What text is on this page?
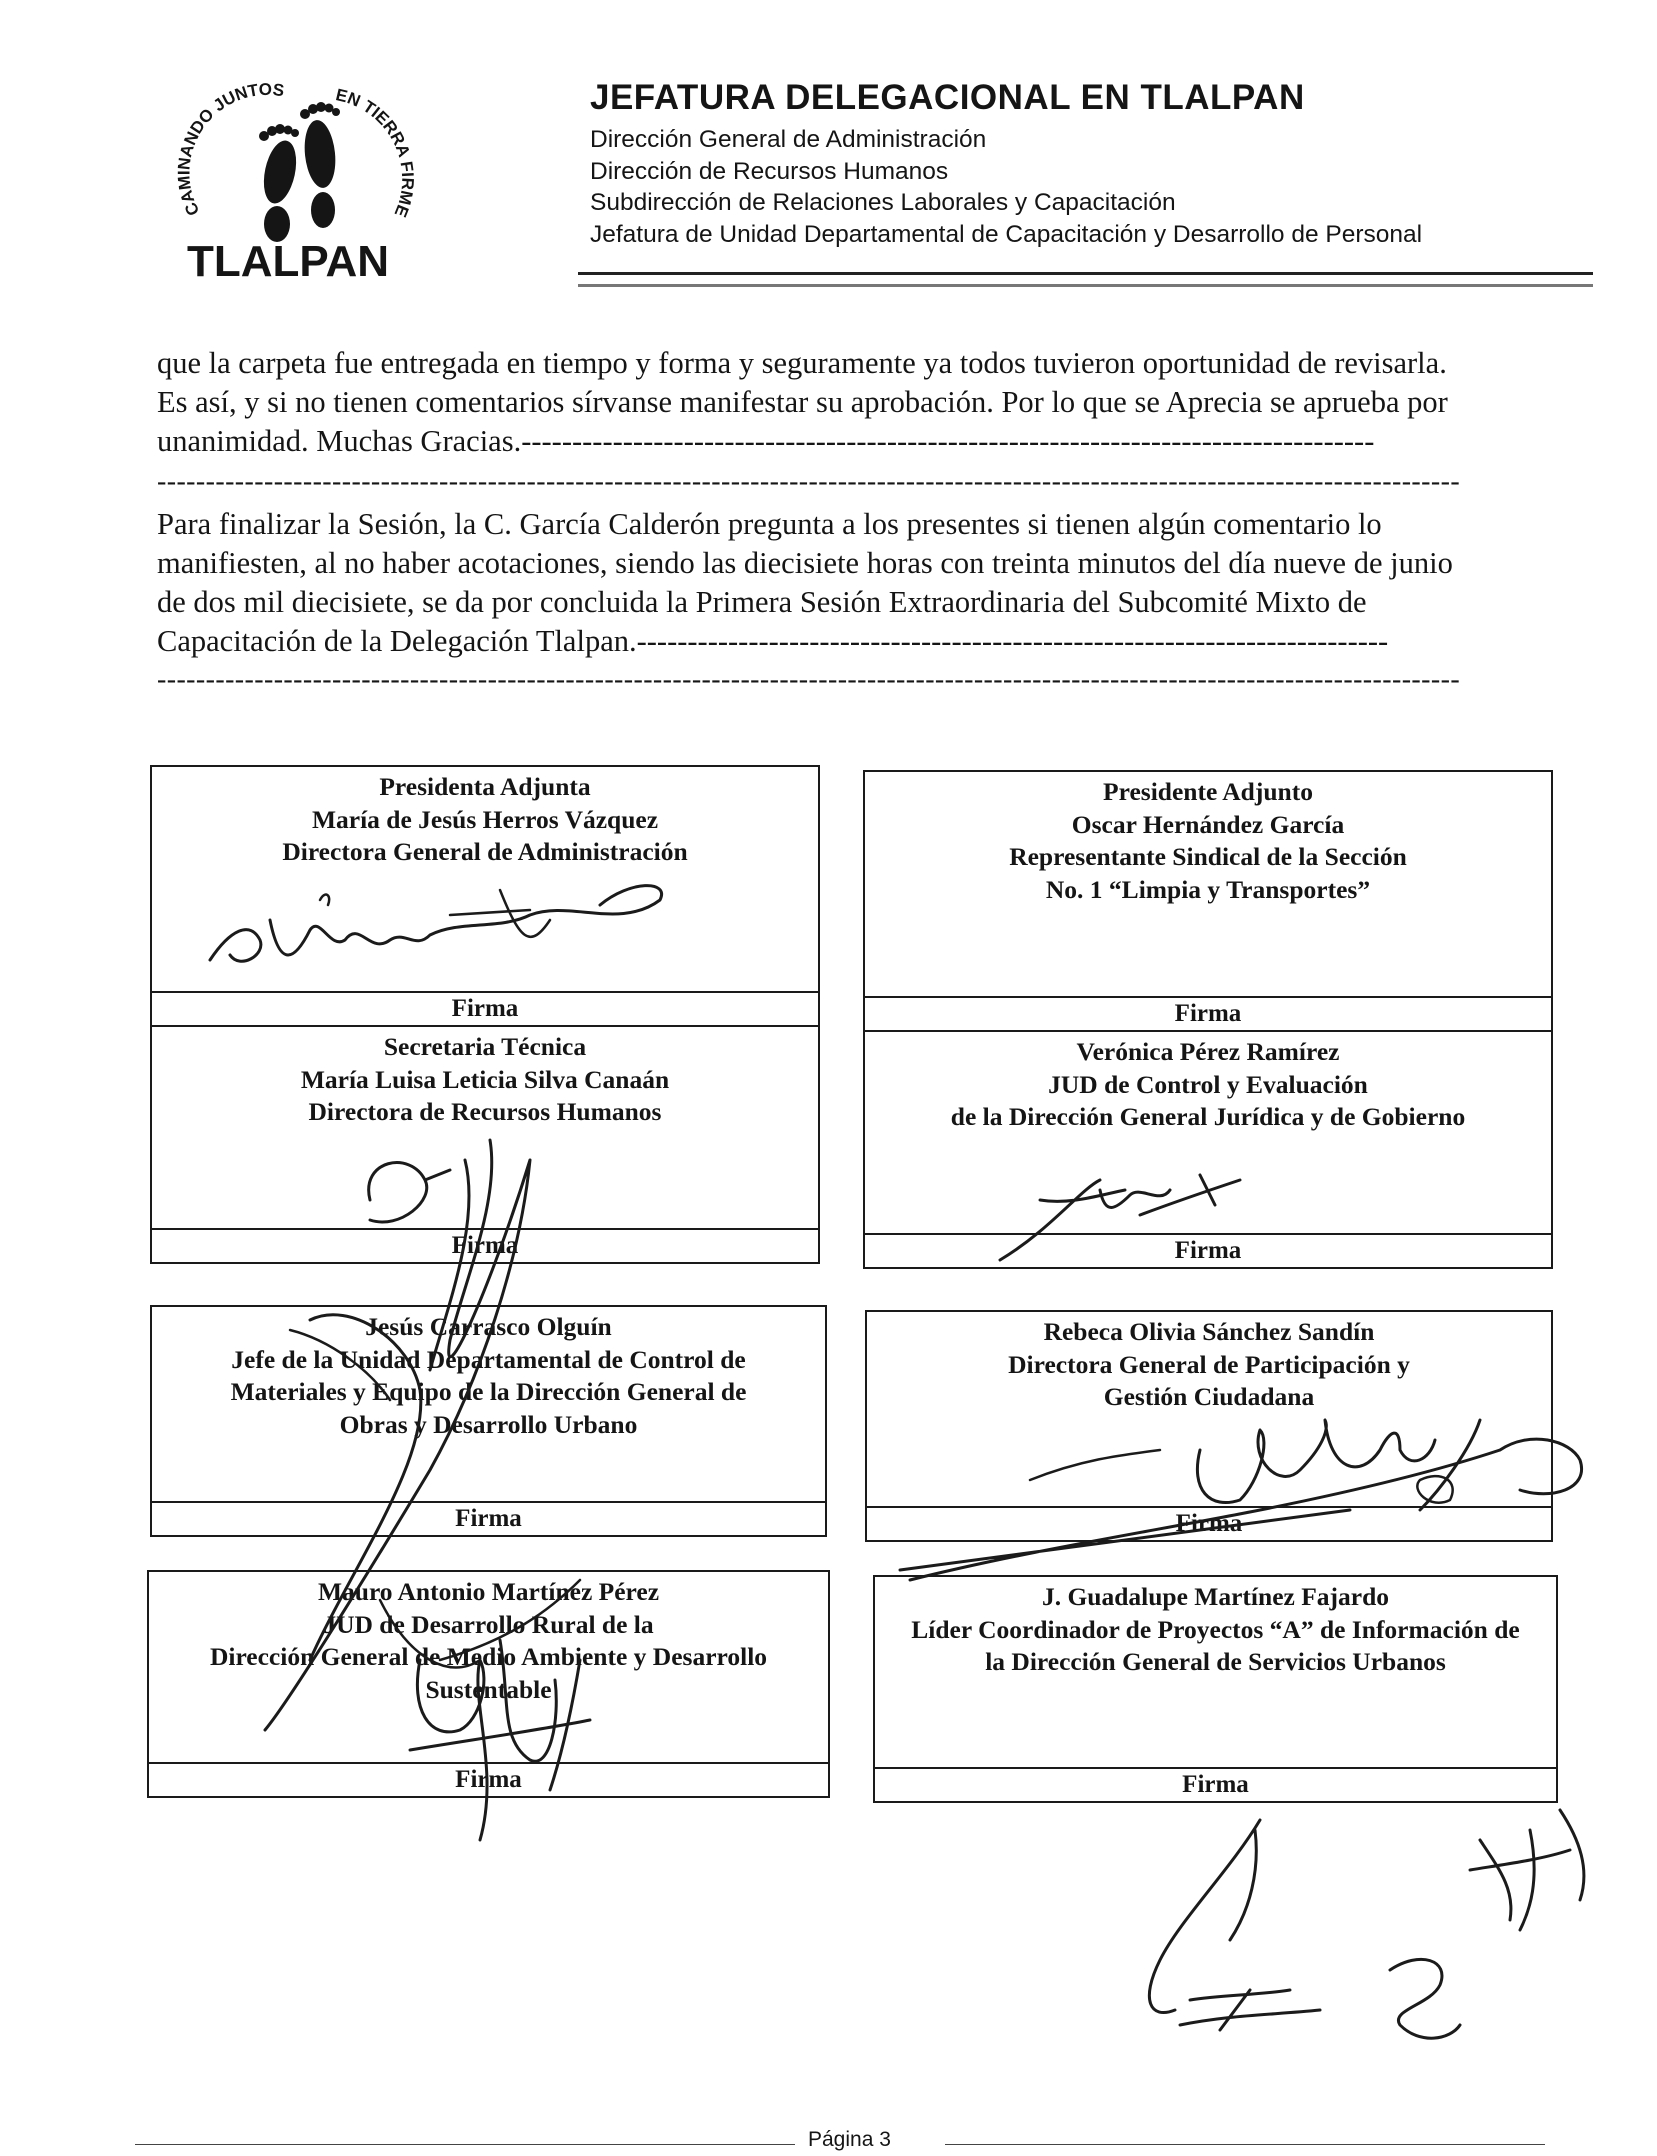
CAMINANDO JUNTOS	EN TIERRA FIRME
TLALPAN
JEFATURA DELEGACIONAL EN TLALPAN
Dirección General de Administración
Dirección de Recursos Humanos
Subdirección de Relaciones Laborales y Capacitación
Jefatura de Unidad Departamental de Capacitación y Desarrollo de Personal

que la carpeta fue entregada en tiempo y forma y seguramente ya todos tuvieron oportunidad de revisarla.

Es así, y si no tienen comentarios sírvanse manifestar su aprobación. Por lo que se Aprecia se aprueba por

unanimidad. Muchas Gracias.------------------------------------------------------------------------------------

--------------------------------------------------------------------------------------------------------------------------------------

Para finalizar la Sesión, la C. García Calderón pregunta a los presentes si tienen algún comentario lo

manifiesten, al no haber acotaciones, siendo las diecisiete horas con treinta minutos del día nueve de junio

de dos mil diecisiete, se da por concluida la Primera Sesión Extraordinaria del Subcomité Mixto de

Capacitación de la Delegación Tlalpan.--------------------------------------------------------------------------

--------------------------------------------------------------------------------------------------------------------------------------
Presidenta Adjunta
María de Jesús Herros Vázquez
Directora General de Administración
Firma
Presidente Adjunto
Oscar Hernández García
Representante Sindical de la Sección
No. 1 “Limpia y Transportes”
Firma
Secretaria Técnica
María Luisa Leticia Silva Canaán
Directora de Recursos Humanos
Firma
Verónica Pérez Ramírez
JUD de Control y Evaluación
de la Dirección General Jurídica y de Gobierno
Firma
Jesús Carrasco Olguín
Jefe de la Unidad Departamental de Control de
Materiales y Equipo de la Dirección General de
Obras y Desarrollo Urbano
Firma
Rebeca Olivia Sánchez Sandín
Directora General de Participación y
Gestión Ciudadana
Firma
Mauro Antonio Martínez Pérez
JUD de Desarrollo Rural de la
Dirección General de Medio Ambiente y Desarrollo
Sustentable
Firma
J. Guadalupe Martínez Fajardo
Líder Coordinador de Proyectos “A” de Información de
la Dirección General de Servicios Urbanos
Firma
Página 3
